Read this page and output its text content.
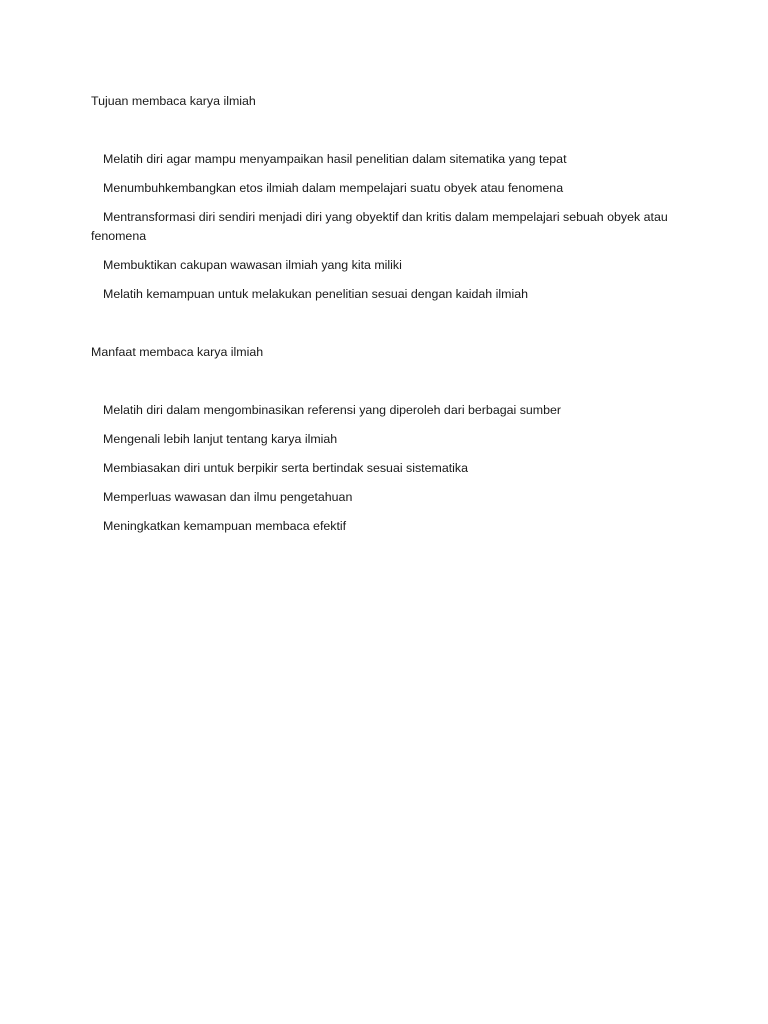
Tujuan membaca karya ilmiah

Melatih diri agar mampu menyampaikan hasil penelitian dalam sitematika yang tepat
Menumbuhkembangkan etos ilmiah dalam mempelajari suatu obyek atau fenomena
Mentransformasi diri sendiri menjadi diri yang obyektif dan kritis dalam mempelajari sebuah obyek atau fenomena
Membuktikan cakupan wawasan ilmiah yang kita miliki
Melatih kemampuan untuk melakukan penelitian sesuai dengan kaidah ilmiah

Manfaat membaca karya ilmiah

Melatih diri dalam mengombinasikan referensi yang diperoleh dari berbagai sumber
Mengenali lebih lanjut tentang karya ilmiah
Membiasakan diri untuk berpikir serta bertindak sesuai sistematika
Memperluas wawasan dan ilmu pengetahuan
Meningkatkan kemampuan membaca efektif
